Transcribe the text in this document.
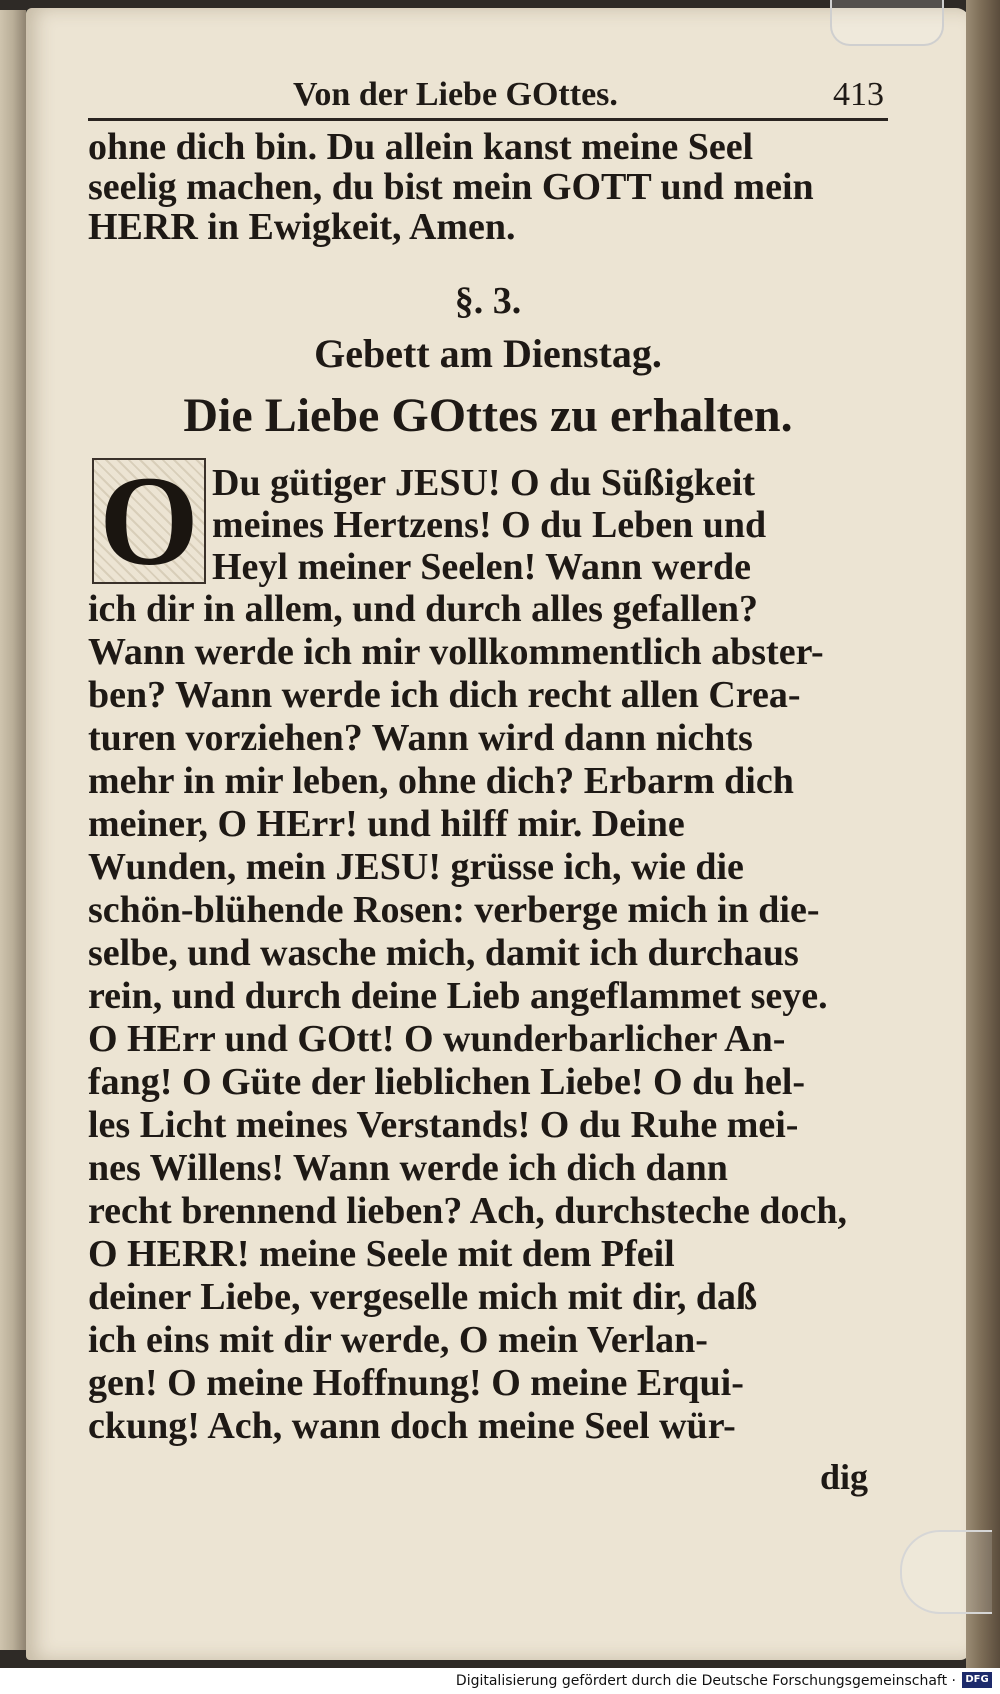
Von der Liebe GOttes.	413
ohne dich bin. Du allein kanst meine Seel
seelig machen, du bist mein GOTT und mein
HERR in Ewigkeit, Amen.
§. 3.
Gebett am Dienstag.
Die Liebe GOttes zu erhalten.
O Du gütiger JESU! O du Süßigkeit
meines Hertzens! O du Leben und
Heyl meiner Seelen! Wann werde
ich dir in allem, und durch alles gefallen?
Wann werde ich mir vollkommentlich abster-
ben? Wann werde ich dich recht allen Crea-
turen vorziehen? Wann wird dann nichts
mehr in mir leben, ohne dich? Erbarm dich
meiner, O HErr! und hilff mir. Deine
Wunden, mein JESU! grüsse ich, wie die
schön-blühende Rosen: verberge mich in die-
selbe, und wasche mich, damit ich durchaus
rein, und durch deine Lieb angeflammet seye.
O HErr und GOtt! O wunderbarlicher An-
fang! O Güte der lieblichen Liebe! O du hel-
les Licht meines Verstands! O du Ruhe mei-
nes Willens! Wann werde ich dich dann
recht brennend lieben? Ach, durchsteche doch,
O HERR! meine Seele mit dem Pfeil
deiner Liebe, vergeselle mich mit dir, daß
ich eins mit dir werde, O mein Verlan-
gen! O meine Hoffnung! O meine Erqui-
ckung! Ach, wann doch meine Seel wür-
dig
Digitalisierung gefördert durch die Deutsche Forschungsgemeinschaft · DFG
